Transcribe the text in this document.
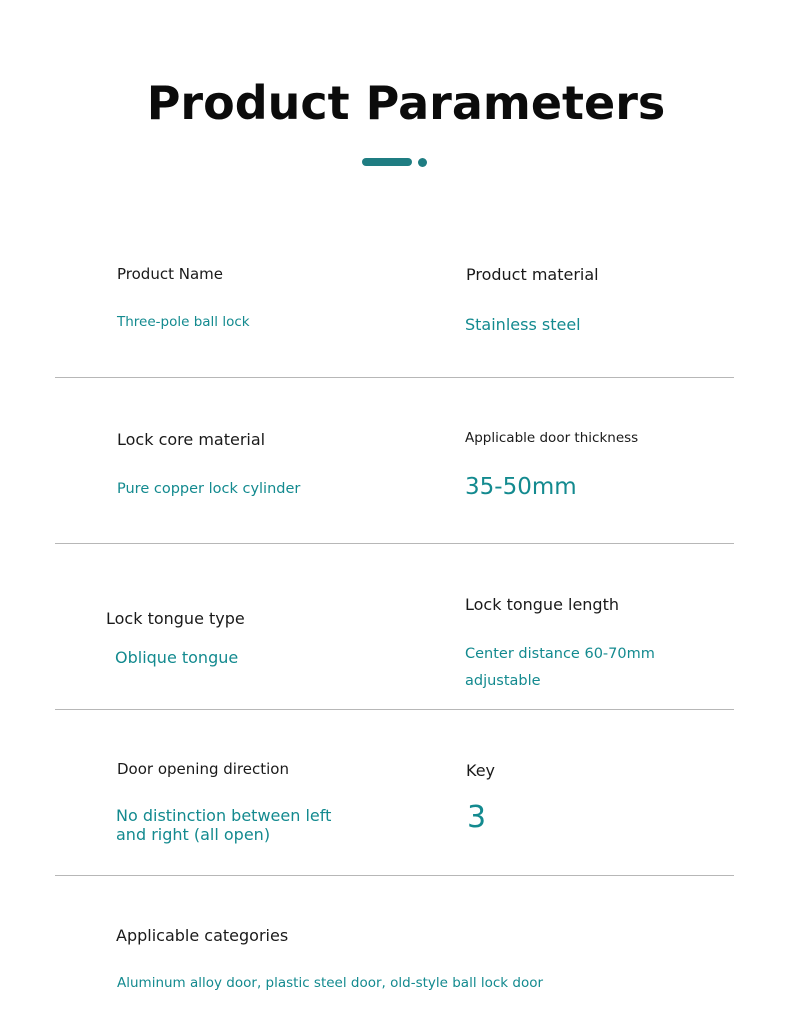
Product Parameters
Product Name
Three-pole ball lock
Product material
Stainless steel
Lock core material
Pure copper lock cylinder
Applicable door thickness
35-50mm
Lock tongue type
Oblique tongue
Lock tongue length
Center distance 60-70mm adjustable
Door opening direction
No distinction between left and right (all open)
Key
3
Applicable categories
Aluminum alloy door, plastic steel door, old-style ball lock door
